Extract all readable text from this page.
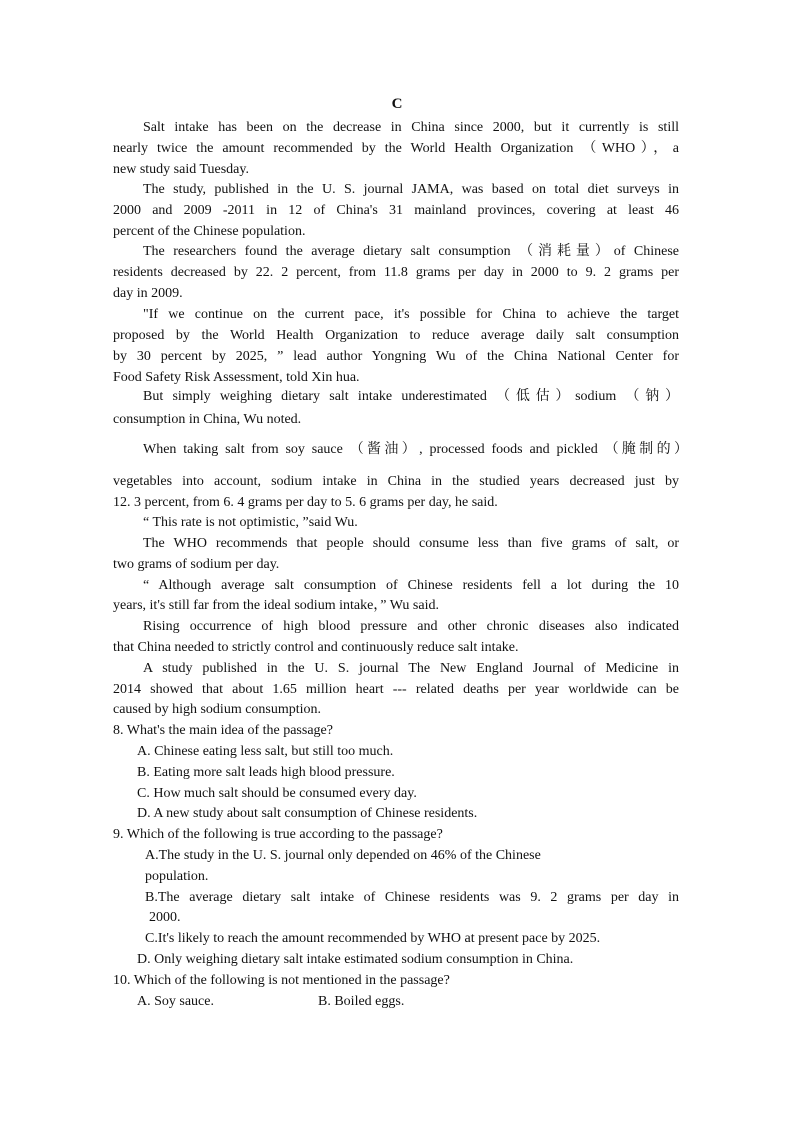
C
Salt intake has been on the decrease in China since 2000, but it currently is still
nearly twice the amount recommended by the World Health Organization （WHO），a
new study said Tuesday.
The study, published in the U. S. journal JAMA, was based on total diet surveys in
2000 and 2009 -2011 in 12 of China's 31 mainland provinces, covering at least 46
percent of the Chinese population.
The researchers found the average dietary salt consumption （消耗量）of Chinese
residents decreased by 22. 2 percent, from 11.8 grams per day in 2000 to 9. 2 grams per
day in 2009.
"If we continue on the current pace, it's possible for China to achieve the target
proposed by the World Health Organization to reduce average daily salt consumption
by 30 percent by 2025, ” lead author Yongning Wu of the China National Center for
Food Safety Risk Assessment, told Xin hua.
But simply weighing dietary salt intake underestimated （低估）sodium （钠）
consumption in China, Wu noted.
When taking salt from soy sauce （酱油）, processed foods and pickled （腌制的）
vegetables into account, sodium intake in China in the studied years decreased just by
12. 3 percent, from 6. 4 grams per day to 5. 6 grams per day, he said.
“ This rate is not optimistic, ”said Wu.
The WHO recommends that people should consume less than five grams of salt, or
two grams of sodium per day.
“ Although average salt consumption of Chinese residents fell a lot during the 10
years, it's still far from the ideal sodium intake，” Wu said.
Rising occurrence of high blood pressure and other chronic diseases also indicated
that China needed to strictly control and continuously reduce salt intake.
A study published in the U. S. journal The New England Journal of Medicine in
2014 showed that about 1.65 million heart --- related deaths per year worldwide can be
caused by high sodium consumption.
8. What's the main idea of the passage?
A. Chinese eating less salt, but still too much.
B. Eating more salt leads high blood pressure.
C. How much salt should be consumed every day.
D. A new study about salt consumption of Chinese residents.
9. Which of the following is true according to the passage?
A.The study in the U. S. journal only depended on 46% of the Chinese
population.
B.The average dietary salt intake of Chinese residents was 9. 2 grams per day in
2000.
C.It's likely to reach the amount recommended by WHO at present pace by 2025.
D. Only weighing dietary salt intake estimated sodium consumption in China.
10. Which of the following is not mentioned in the passage?
A. Soy sauce.	B. Boiled eggs.
